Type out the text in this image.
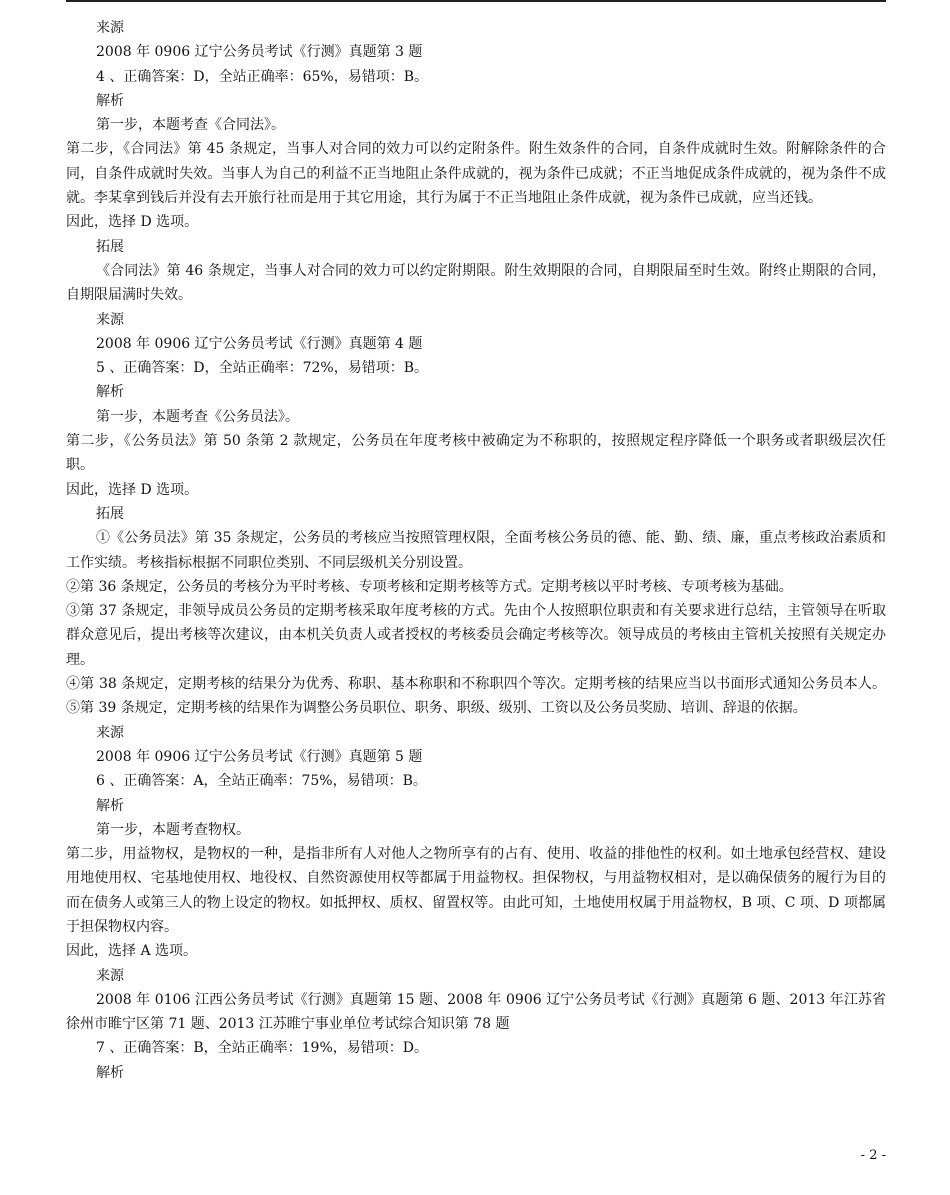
来源

2008 年 0906 辽宁公务员考试《行测》真题第 3 题

4 、正确答案：D，全站正确率：65%，易错项：B。

解析

第一步，本题考查《合同法》。

第二步，《合同法》第 45 条规定，当事人对合同的效力可以约定附条件。附生效条件的合同，自条件成就时生效。附解除条件的合同，自条件成就时失效。当事人为自己的利益不正当地阻止条件成就的，视为条件已成就；不正当地促成条件成就的，视为条件不成就。李某拿到钱后并没有去开旅行社而是用于其它用途，其行为属于不正当地阻止条件成就，视为条件已成就，应当还钱。

因此，选择 D 选项。

拓展

《合同法》第 46 条规定，当事人对合同的效力可以约定附期限。附生效期限的合同，自期限届至时生效。附终止期限的合同，自期限届满时失效。

来源

2008 年 0906 辽宁公务员考试《行测》真题第 4 题

5 、正确答案：D，全站正确率：72%，易错项：B。

解析

第一步，本题考查《公务员法》。

第二步，《公务员法》第 50 条第 2 款规定，公务员在年度考核中被确定为不称职的，按照规定程序降低一个职务或者职级层次任职。

因此，选择 D 选项。

拓展

①《公务员法》第 35 条规定，公务员的考核应当按照管理权限，全面考核公务员的德、能、勤、绩、廉，重点考核政治素质和工作实绩。考核指标根据不同职位类别、不同层级机关分别设置。

②第 36 条规定，公务员的考核分为平时考核、专项考核和定期考核等方式。定期考核以平时考核、专项考核为基础。

③第 37 条规定，非领导成员公务员的定期考核采取年度考核的方式。先由个人按照职位职责和有关要求进行总结，主管领导在听取群众意见后，提出考核等次建议，由本机关负责人或者授权的考核委员会确定考核等次。领导成员的考核由主管机关按照有关规定办理。

④第 38 条规定，定期考核的结果分为优秀、称职、基本称职和不称职四个等次。定期考核的结果应当以书面形式通知公务员本人。⑤第 39 条规定，定期考核的结果作为调整公务员职位、职务、职级、级别、工资以及公务员奖励、培训、辞退的依据。

来源

2008 年 0906 辽宁公务员考试《行测》真题第 5 题

6 、正确答案：A，全站正确率：75%，易错项：B。

解析

第一步，本题考查物权。

第二步，用益物权，是物权的一种，是指非所有人对他人之物所享有的占有、使用、收益的排他性的权利。如土地承包经营权、建设用地使用权、宅基地使用权、地役权、自然资源使用权等都属于用益物权。担保物权，与用益物权相对，是以确保债务的履行为目的而在债务人或第三人的物上设定的物权。如抵押权、质权、留置权等。由此可知，土地使用权属于用益物权，B 项、C 项、D 项都属于担保物权内容。

因此，选择 A 选项。

来源

2008 年 0106 江西公务员考试《行测》真题第 15 题、2008 年 0906 辽宁公务员考试《行测》真题第 6 题、2013 年江苏省徐州市睢宁区第 71 题、2013 江苏睢宁事业单位考试综合知识第 78 题

7 、正确答案：B，全站正确率：19%，易错项：D。

解析

- 2 -
